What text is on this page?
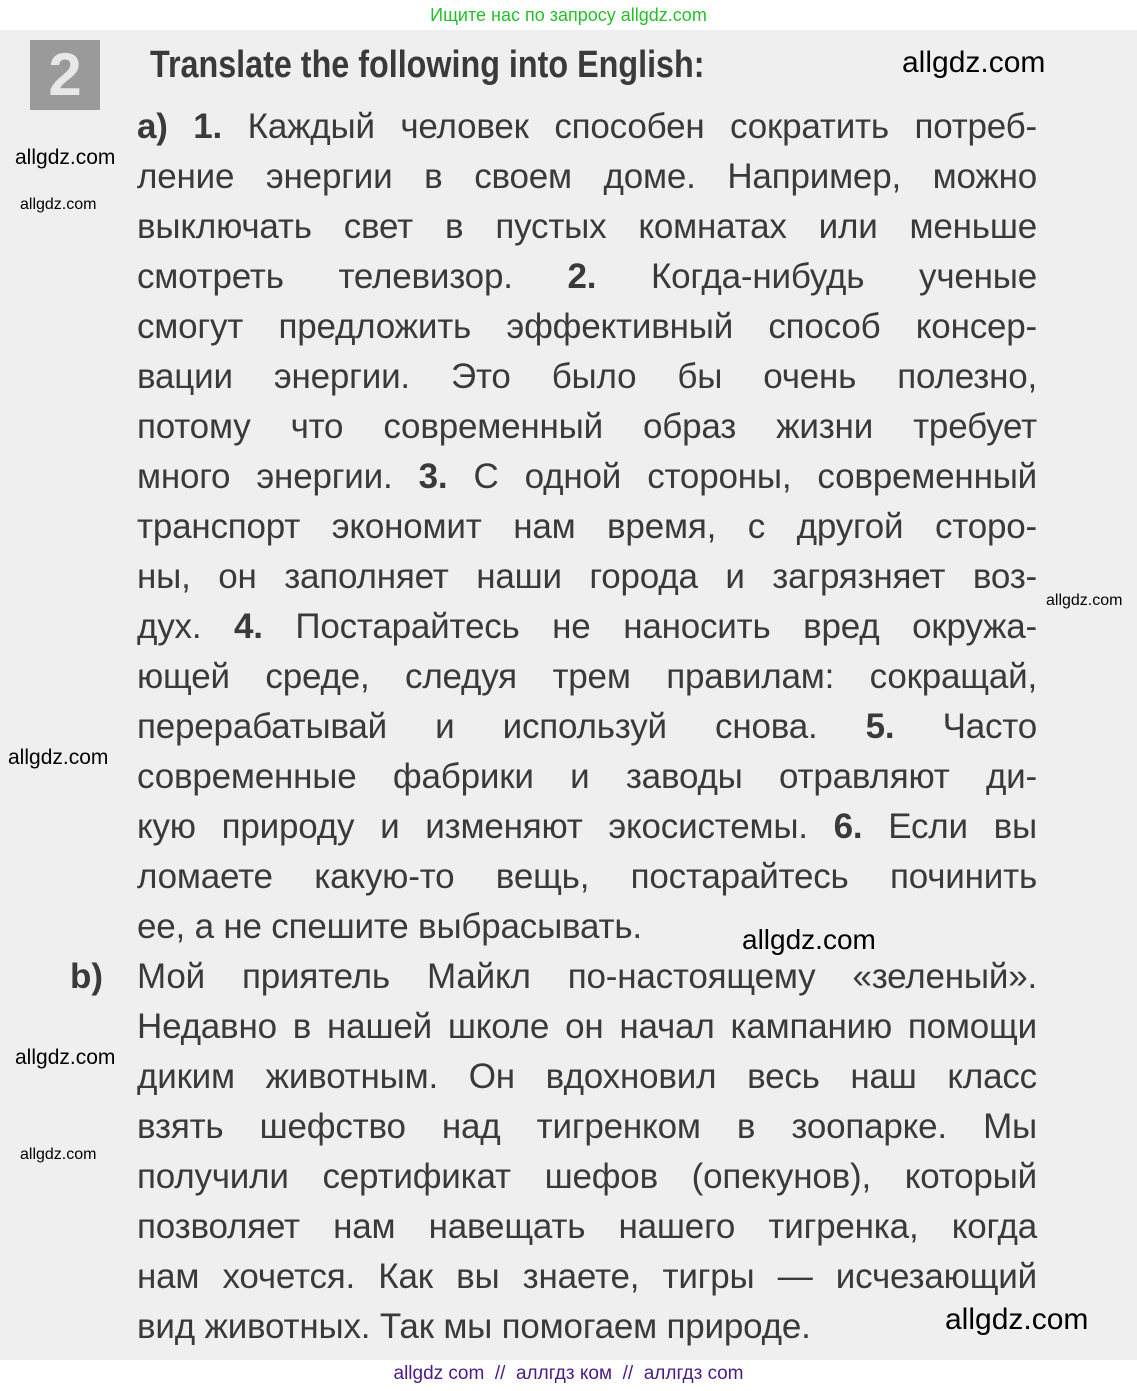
Ищите нас по запросу allgdz.com
2	Translate the following into English:
b)
a) 1. Каждый человек способен сократить потреб-
ление энергии в своем доме. Например, можно
выключать свет в пустых комнатах или меньше
смотреть телевизор. 2. Когда-нибудь ученые
смогут предложить эффективный способ консер-
вации энергии. Это было бы очень полезно,
потому что современный образ жизни требует
много энергии. 3. С одной стороны, современный
транспорт экономит нам время, с другой сторо-
ны, он заполняет наши города и загрязняет воз-
дух. 4. Постарайтесь не наносить вред окружа-
ющей среде, следуя трем правилам: сокращай,
перерабатывай и используй снова. 5. Часто
современные фабрики и заводы отравляют ди-
кую природу и изменяют экосистемы. 6. Если вы
ломаете какую-то вещь, постарайтесь починить
ее, а не спешите выбрасывать.
Мой приятель Майкл по-настоящему «зеленый».
Недавно в нашей школе он начал кампанию помощи
диким животным. Он вдохновил весь наш класс
взять шефство над тигренком в зоопарке. Мы
получили сертификат шефов (опекунов), который
позволяет нам навещать нашего тигренка, когда
нам хочется. Как вы знаете, тигры — исчезающий
вид животных. Так мы помогаем природе.
allgdz.com
allgdz.com
allgdz.com
allgdz.com
allgdz.com
allgdz.com
allgdz.com
allgdz.com
allgdz.com
allgdz com  //  аллгдз ком  //  аллгдз com
